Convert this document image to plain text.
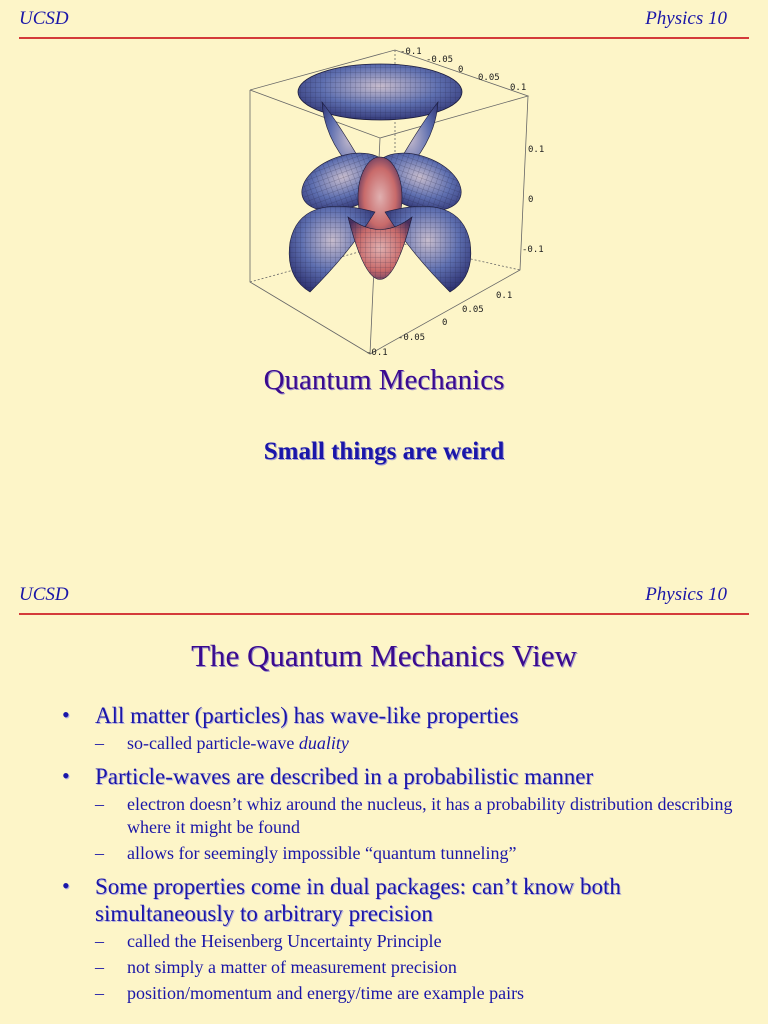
UCSD	Physics 10
-0.1
-0.05
0
0.05
0.1
0.1
0
-0.1
0.1
0.05
0
-0.05
-0.1
Quantum Mechanics
Small things are weird
UCSD	Physics 10
The Quantum Mechanics View
• All matter (particles) has wave-like properties
– so-called particle-wave duality
• Particle-waves are described in a probabilistic manner
– electron doesn’t whiz around the nucleus, it has a probability distribution describing where it might be found
– allows for seemingly impossible “quantum tunneling”
• Some properties come in dual packages: can’t know both simultaneously to arbitrary precision
– called the Heisenberg Uncertainty Principle
– not simply a matter of measurement precision
– position/momentum and energy/time are example pairs
